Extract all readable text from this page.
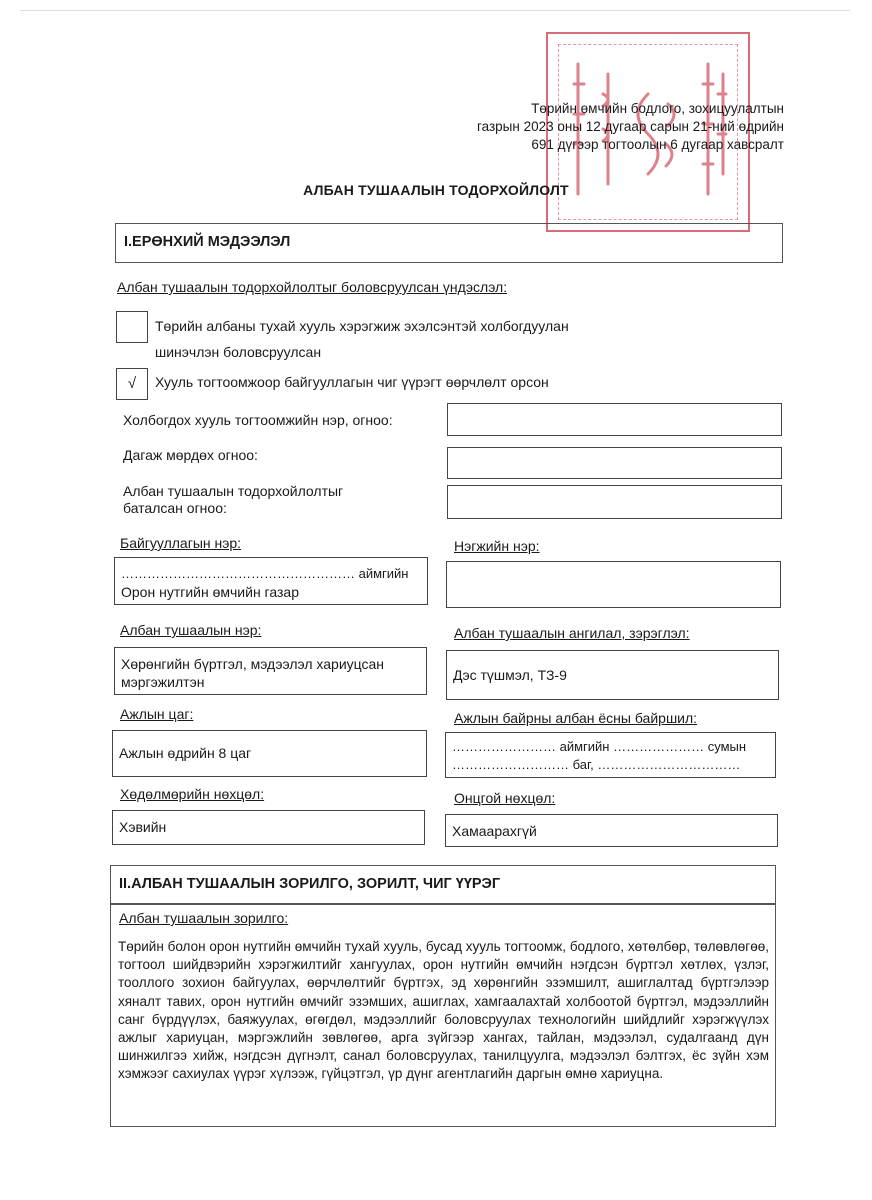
Төрийн өмчийн бодлого, зохицуулалтын
газрын 2023 оны 12 дугаар сарын 21-ний өдрийн
691 дүгээр тогтоолын 6 дугаар хавсралт
АЛБАН ТУШААЛЫН ТОДОРХОЙЛОЛТ
I.ЕРӨНХИЙ МЭДЭЭЛЭЛ
Албан тушаалын тодорхойлолтыг боловсруулсан үндэслэл:
Төрийн албаны тухай хууль хэрэгжиж эхэлсэнтэй холбогдуулан
шинэчлэн боловсруулсан
√	Хууль тогтоомжоор байгууллагын чиг үүрэгт өөрчлөлт орсон
Холбогдох хууль тогтоомжийн нэр, огноо:
Дагаж мөрдөх огноо:
Албан тушаалын тодорхойлолтыг
баталсан огноо:
Байгууллагын нэр:	Нэгжийн нэр:
……………………………………………… аймгийн
Орон нутгийн өмчийн газар
Албан тушаалын нэр:	Албан тушаалын ангилал, зэрэглэл:
Хөрөнгийн бүртгэл, мэдээлэл хариуцсан
мэргэжилтэн	Дэс түшмэл, ТЗ-9
Ажлын цаг:	Ажлын байрны албан ёсны байршил:
Ажлын өдрийн 8 цаг	…………………… аймгийн ………………… сумын
……………………… баг, ……………………………
Хөдөлмөрийн нөхцөл:	Онцгой нөхцөл:
Хэвийн	Хамаарахгүй
II.АЛБАН ТУШААЛЫН ЗОРИЛГО, ЗОРИЛТ, ЧИГ ҮҮРЭГ
Албан тушаалын зорилго:
Төрийн болон орон нутгийн өмчийн тухай хууль, бусад хууль тогтоомж, бодлого, хөтөлбөр, төлөвлөгөө, тогтоол шийдвэрийн хэрэгжилтийг хангуулах, орон нутгийн өмчийн нэгдсэн бүртгэл хөтлөх, үзлэг, тооллого зохион байгуулах, өөрчлөлтийг бүртгэх, эд хөрөнгийн эзэмшилт, ашиглалтад бүртгэлээр хяналт тавих, орон нутгийн өмчийг эзэмших, ашиглах, хамгаалахтай холбоотой бүртгэл, мэдээллийн санг бүрдүүлэх, баяжуулах, өгөгдөл, мэдээллийг боловсруулах технологийн шийдлийг хэрэгжүүлэх ажлыг хариуцан, мэргэжлийн зөвлөгөө, арга зүйгээр хангах, тайлан, мэдээлэл, судалгаанд дүн шинжилгээ хийж, нэгдсэн дүгнэлт, санал боловсруулах, танилцуулга, мэдээлэл бэлтгэх, ёс зүйн хэм хэмжээг сахиулах үүрэг хүлээж, гүйцэтгэл, үр дүнг агентлагийн даргын өмнө хариуцна.
